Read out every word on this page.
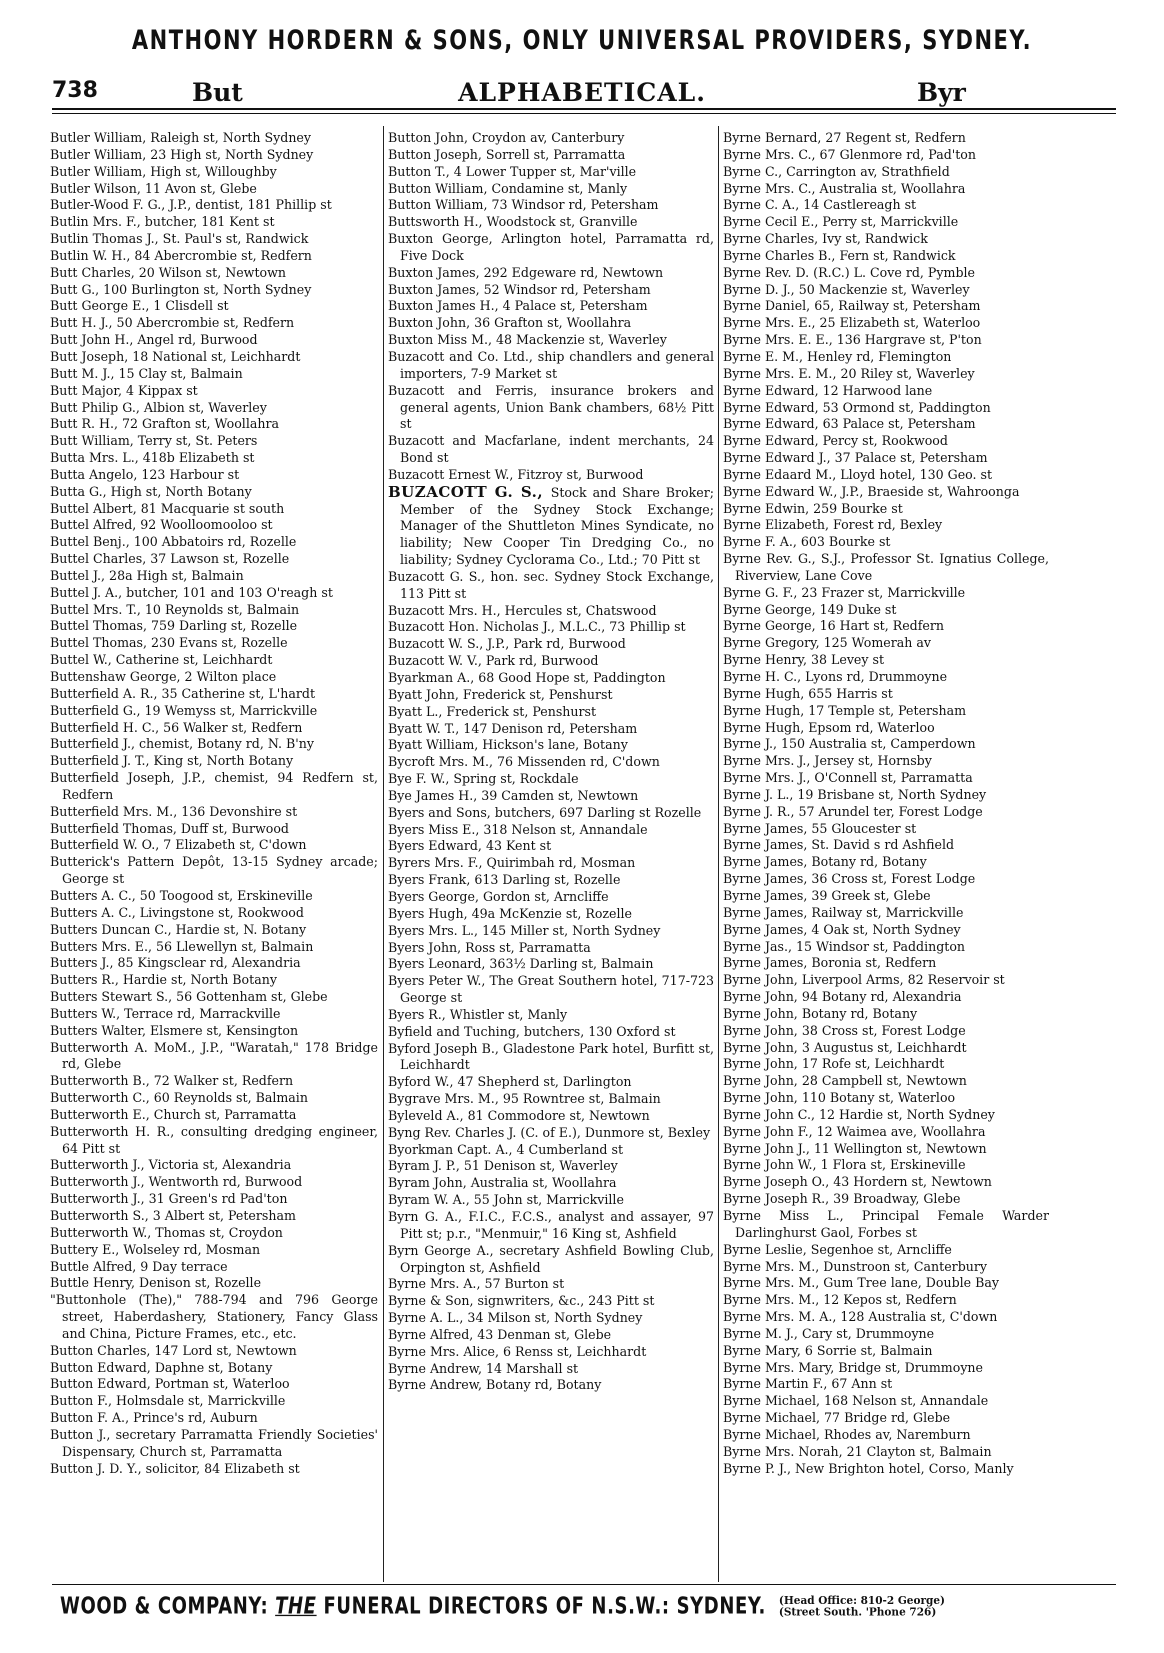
ANTHONY HORDERN & SONS, ONLY UNIVERSAL PROVIDERS, SYDNEY.
738	But	ALPHABETICAL.	Byr
Butler William, Raleigh st, North Sydney
Butler William, 23 High st, North Sydney
Butler William, High st, Willoughby
Butler Wilson, 11 Avon st, Glebe
Butler-Wood F. G., J.P., dentist, 181 Phillip st
Butlin Mrs. F., butcher, 181 Kent st
Butlin Thomas J., St. Paul's st, Randwick
Butlin W. H., 84 Abercrombie st, Redfern
Butt Charles, 20 Wilson st, Newtown
Butt G., 100 Burlington st, North Sydney
Butt George E., 1 Clisdell st
Butt H. J., 50 Abercrombie st, Redfern
Butt John H., Angel rd, Burwood
Butt Joseph, 18 National st, Leichhardt
Butt M. J., 15 Clay st, Balmain
Butt Major, 4 Kippax st
Butt Philip G., Albion st, Waverley
Butt R. H., 72 Grafton st, Woollahra
Butt William, Terry st, St. Peters
Butta Mrs. L., 418b Elizabeth st
Butta Angelo, 123 Harbour st
Butta G., High st, North Botany
Buttel Albert, 81 Macquarie st south
Buttel Alfred, 92 Woolloomooloo st
Buttel Benj., 100 Abbatoirs rd, Rozelle
Buttel Charles, 37 Lawson st, Rozelle
Buttel J., 28a High st, Balmain
Buttel J. A., butcher, 101 and 103 O'reagh st
Buttel Mrs. T., 10 Reynolds st, Balmain
Buttel Thomas, 759 Darling st, Rozelle
Buttel Thomas, 230 Evans st, Rozelle
Buttel W., Catherine st, Leichhardt
Buttenshaw George, 2 Wilton place
Butterfield A. R., 35 Catherine st, L'hardt
Butterfield G., 19 Wemyss st, Marrickville
Butterfield H. C., 56 Walker st, Redfern
Butterfield J., chemist, Botany rd, N. B'ny
Butterfield J. T., King st, North Botany
Butterfield Joseph, J.P., chemist, 94 Redfern st, Redfern
Butterfield Mrs. M., 136 Devonshire st
Butterfield Thomas, Duff st, Burwood
Butterfield W. O., 7 Elizabeth st, C'down
Butterick's Pattern Depôt, 13-15 Sydney arcade; George st
Butters A. C., 50 Toogood st, Erskineville
Butters A. C., Livingstone st, Rookwood
Butters Duncan C., Hardie st, N. Botany
Butters Mrs. E., 56 Llewellyn st, Balmain
Butters J., 85 Kingsclear rd, Alexandria
Butters R., Hardie st, North Botany
Butters Stewart S., 56 Gottenham st, Glebe
Butters W., Terrace rd, Marrackville
Butters Walter, Elsmere st, Kensington
Butterworth A. MoM., J.P., "Waratah," 178 Bridge rd, Glebe
Butterworth B., 72 Walker st, Redfern
Butterworth C., 60 Reynolds st, Balmain
Butterworth E., Church st, Parramatta
Butterworth H. R., consulting dredging engineer, 64 Pitt st
Butterworth J., Victoria st, Alexandria
Butterworth J., Wentworth rd, Burwood
Butterworth J., 31 Green's rd Pad'ton
Butterworth S., 3 Albert st, Petersham
Butterworth W., Thomas st, Croydon
Buttery E., Wolseley rd, Mosman
Buttle Alfred, 9 Day terrace
Buttle Henry, Denison st, Rozelle
"Buttonhole (The)," 788-794 and 796 George street, Haberdashery, Stationery, Fancy Glass and China, Picture Frames, etc., etc.
Button Charles, 147 Lord st, Newtown
Button Edward, Daphne st, Botany
Button Edward, Portman st, Waterloo
Button F., Holmsdale st, Marrickville
Button F. A., Prince's rd, Auburn
Button J., secretary Parramatta Friendly Societies' Dispensary, Church st, Parramatta
Button J. D. Y., solicitor, 84 Elizabeth st
Button John, Croydon av, Canterbury
Button Joseph, Sorrell st, Parramatta
Button T., 4 Lower Tupper st, Mar'ville
Button William, Condamine st, Manly
Button William, 73 Windsor rd, Petersham
Buttsworth H., Woodstock st, Granville
Buxton George, Arlington hotel, Parramatta rd, Five Dock
Buxton James, 292 Edgeware rd, Newtown
Buxton James, 52 Windsor rd, Petersham
Buxton James H., 4 Palace st, Petersham
Buxton John, 36 Grafton st, Woollahra
Buxton Miss M., 48 Mackenzie st, Waverley
Buzacott and Co. Ltd., ship chandlers and general importers, 7-9 Market st
Buzacott and Ferris, insurance brokers and general agents, Union Bank chambers, 68½ Pitt st
Buzacott and Macfarlane, indent merchants, 24 Bond st
Buzacott Ernest W., Fitzroy st, Burwood
BUZACOTT G. S., Stock and Share Broker; Member of the Sydney Stock Exchange; Manager of the Shuttleton Mines Syndicate, no liability; New Cooper Tin Dredging Co., no liability; Sydney Cyclorama Co., Ltd.; 70 Pitt st
Buzacott G. S., hon. sec. Sydney Stock Exchange, 113 Pitt st
Buzacott Mrs. H., Hercules st, Chatswood
Buzacott Hon. Nicholas J., M.L.C., 73 Phillip st
Buzacott W. S., J.P., Park rd, Burwood
Buzacott W. V., Park rd, Burwood
Byarkman A., 68 Good Hope st, Paddington
Byatt John, Frederick st, Penshurst
Byatt L., Frederick st, Penshurst
Byatt W. T., 147 Denison rd, Petersham
Byatt William, Hickson's lane, Botany
Bycroft Mrs. M., 76 Missenden rd, C'down
Bye F. W., Spring st, Rockdale
Bye James H., 39 Camden st, Newtown
Byers and Sons, butchers, 697 Darling st Rozelle
Byers Miss E., 318 Nelson st, Annandale
Byers Edward, 43 Kent st
Byrers Mrs. F., Quirimbah rd, Mosman
Byers Frank, 613 Darling st, Rozelle
Byers George, Gordon st, Arncliffe
Byers Hugh, 49a McKenzie st, Rozelle
Byers Mrs. L., 145 Miller st, North Sydney
Byers John, Ross st, Parramatta
Byers Leonard, 363½ Darling st, Balmain
Byers Peter W., The Great Southern hotel, 717-723 George st
Byers R., Whistler st, Manly
Byfield and Tuching, butchers, 130 Oxford st
Byford Joseph B., Gladestone Park hotel, Burfitt st, Leichhardt
Byford W., 47 Shepherd st, Darlington
Bygrave Mrs. M., 95 Rowntree st, Balmain
Byleveld A., 81 Commodore st, Newtown
Byng Rev. Charles J. (C. of E.), Dunmore st, Bexley
Byorkman Capt. A., 4 Cumberland st
Byram J. P., 51 Denison st, Waverley
Byram John, Australia st, Woollahra
Byram W. A., 55 John st, Marrickville
Byrn G. A., F.I.C., F.C.S., analyst and assayer, 97 Pitt st; p.r., "Menmuir," 16 King st, Ashfield
Byrn George A., secretary Ashfield Bowling Club, Orpington st, Ashfield
Byrne Mrs. A., 57 Burton st
Byrne & Son, signwriters, &c., 243 Pitt st
Byrne A. L., 34 Milson st, North Sydney
Byrne Alfred, 43 Denman st, Glebe
Byrne Mrs. Alice, 6 Renss st, Leichhardt
Byrne Andrew, 14 Marshall st
Byrne Andrew, Botany rd, Botany
Byrne Bernard, 27 Regent st, Redfern
Byrne Mrs. C., 67 Glenmore rd, Pad'ton
Byrne C., Carrington av, Strathfield
Byrne Mrs. C., Australia st, Woollahra
Byrne C. A., 14 Castlereagh st
Byrne Cecil E., Perry st, Marrickville
Byrne Charles, Ivy st, Randwick
Byrne Charles B., Fern st, Randwick
Byrne Rev. D. (R.C.) L. Cove rd, Pymble
Byrne D. J., 50 Mackenzie st, Waverley
Byrne Daniel, 65, Railway st, Petersham
Byrne Mrs. E., 25 Elizabeth st, Waterloo
Byrne Mrs. E. E., 136 Hargrave st, P'ton
Byrne E. M., Henley rd, Flemington
Byrne Mrs. E. M., 20 Riley st, Waverley
Byrne Edward, 12 Harwood lane
Byrne Edward, 53 Ormond st, Paddington
Byrne Edward, 63 Palace st, Petersham
Byrne Edward, Percy st, Rookwood
Byrne Edward J., 37 Palace st, Petersham
Byrne Edaard M., Lloyd hotel, 130 Geo. st
Byrne Edward W., J.P., Braeside st, Wahroonga
Byrne Edwin, 259 Bourke st
Byrne Elizabeth, Forest rd, Bexley
Byrne F. A., 603 Bourke st
Byrne Rev. G., S.J., Professor St. Ignatius College, Riverview, Lane Cove
Byrne G. F., 23 Frazer st, Marrickville
Byrne George, 149 Duke st
Byrne George, 16 Hart st, Redfern
Byrne Gregory, 125 Womerah av
Byrne Henry, 38 Levey st
Byrne H. C., Lyons rd, Drummoyne
Byrne Hugh, 655 Harris st
Byrne Hugh, 17 Temple st, Petersham
Byrne Hugh, Epsom rd, Waterloo
Byrne J., 150 Australia st, Camperdown
Byrne Mrs. J., Jersey st, Hornsby
Byrne Mrs. J., O'Connell st, Parramatta
Byrne J. L., 19 Brisbane st, North Sydney
Byrne J. R., 57 Arundel ter, Forest Lodge
Byrne James, 55 Gloucester st
Byrne James, St. David s rd Ashfield
Byrne James, Botany rd, Botany
Byrne James, 36 Cross st, Forest Lodge
Byrne James, 39 Greek st, Glebe
Byrne James, Railway st, Marrickville
Byrne James, 4 Oak st, North Sydney
Byrne Jas., 15 Windsor st, Paddington
Byrne James, Boronia st, Redfern
Byrne John, Liverpool Arms, 82 Reservoir st
Byrne John, 94 Botany rd, Alexandria
Byrne John, Botany rd, Botany
Byrne John, 38 Cross st, Forest Lodge
Byrne John, 3 Augustus st, Leichhardt
Byrne John, 17 Rofe st, Leichhardt
Byrne John, 28 Campbell st, Newtown
Byrne John, 110 Botany st, Waterloo
Byrne John C., 12 Hardie st, North Sydney
Byrne John F., 12 Waimea ave, Woollahra
Byrne John J., 11 Wellington st, Newtown
Byrne John W., 1 Flora st, Erskineville
Byrne Joseph O., 43 Hordern st, Newtown
Byrne Joseph R., 39 Broadway, Glebe
Byrne Miss L., Principal Female Warder Darlinghurst Gaol, Forbes st
Byrne Leslie, Segenhoe st, Arncliffe
Byrne Mrs. M., Dunstroon st, Canterbury
Byrne Mrs. M., Gum Tree lane, Double Bay
Byrne Mrs. M., 12 Kepos st, Redfern
Byrne Mrs. M. A., 128 Australia st, C'down
Byrne M. J., Cary st, Drummoyne
Byrne Mary, 6 Sorrie st, Balmain
Byrne Mrs. Mary, Bridge st, Drummoyne
Byrne Martin F., 67 Ann st
Byrne Michael, 168 Nelson st, Annandale
Byrne Michael, 77 Bridge rd, Glebe
Byrne Michael, Rhodes av, Naremburn
Byrne Mrs. Norah, 21 Clayton st, Balmain
Byrne P. J., New Brighton hotel, Corso, Manly
WOOD & COMPANY: THE FUNERAL DIRECTORS OF N.S.W.: SYDNEY. (Head Office: 810-2 George)
(Street South. 'Phone 726)
